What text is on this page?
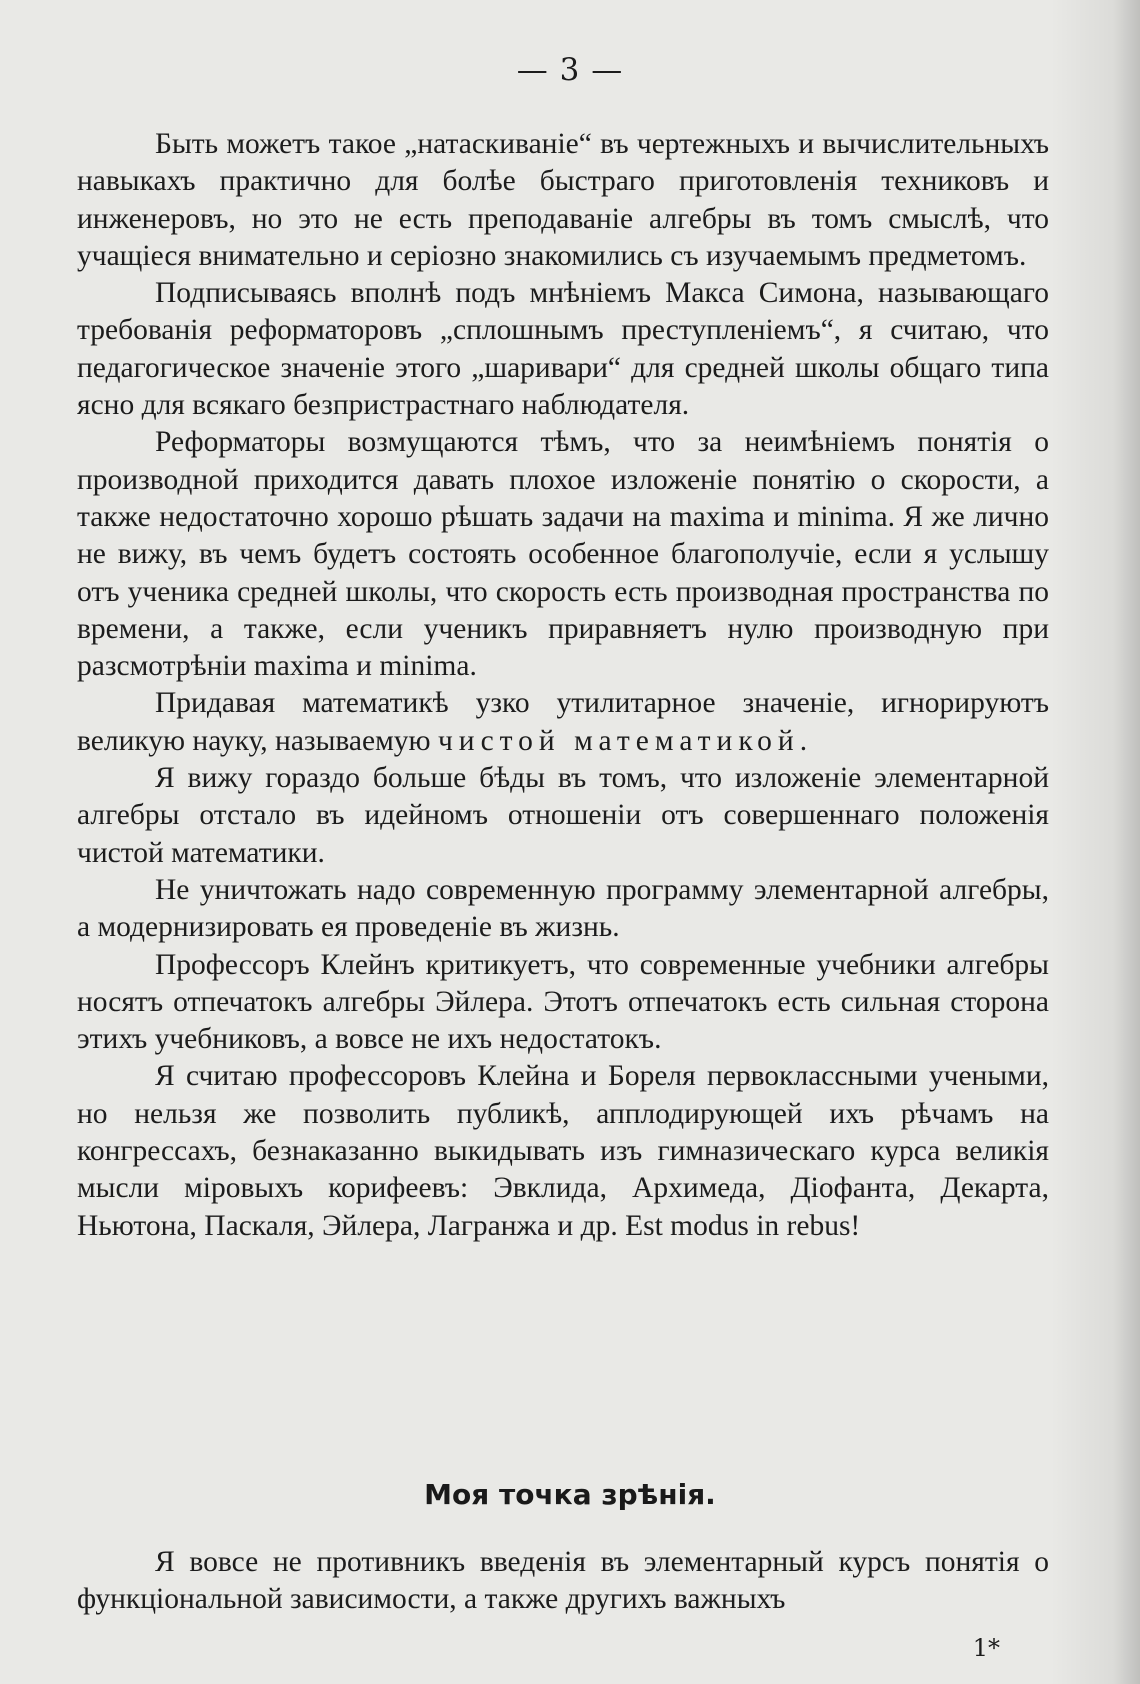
— 3 —

Быть можетъ такое „натаскиваніе“ въ чертежныхъ и вычислительныхъ навыкахъ практично для болѣе быстраго приготовленія техниковъ и инженеровъ, но это не есть преподаваніе алгебры въ томъ смыслѣ, что учащіеся внимательно и серіозно знакомились съ изучаемымъ предметомъ.

Подписываясь вполнѣ подъ мнѣніемъ Макса Симона, называющаго требованія реформаторовъ „сплошнымъ преступленіемъ“, я считаю, что педагогическое значеніе этого „шаривари“ для средней школы общаго типа ясно для всякаго безпристрастнаго наблюдателя.

Реформаторы возмущаются тѣмъ, что за неимѣніемъ понятія о производной приходится давать плохое изложеніе понятію о скорости, а также недостаточно хорошо рѣшать задачи на maxima и minima. Я же лично не вижу, въ чемъ будетъ состоять особенное благополучіе, если я услышу отъ ученика средней школы, что скорость есть производная пространства по времени, а также, если ученикъ приравняетъ нулю производную при разсмотрѣніи maxima и minima.

Придавая математикѣ узко утилитарное значеніе, игнорируютъ великую науку, называемую чистой математикой.

Я вижу гораздо больше бѣды въ томъ, что изложеніе элементарной алгебры отстало въ идейномъ отношеніи отъ совершеннаго положенія чистой математики.

Не уничтожать надо современную программу элементарной алгебры, а модернизировать ея проведеніе въ жизнь.

Профессоръ Клейнъ критикуетъ, что современные учебники алгебры носятъ отпечатокъ алгебры Эйлера. Этотъ отпечатокъ есть сильная сторона этихъ учебниковъ, а вовсе не ихъ недостатокъ.

Я считаю профессоровъ Клейна и Бореля первоклассными учеными, но нельзя же позволить публикѣ, апплодирующей ихъ рѣчамъ на конгрессахъ, безнаказанно выкидывать изъ гимназическаго курса великія мысли міровыхъ корифеевъ: Эвклида, Архимеда, Діофанта, Декарта, Ньютона, Паскаля, Эйлера, Лагранжа и др. Est modus in rebus!

Моя точка зрѣнія.

Я вовсе не противникъ введенія въ элементарный курсъ понятія о функціональной зависимости, а также другихъ важныхъ

1*
